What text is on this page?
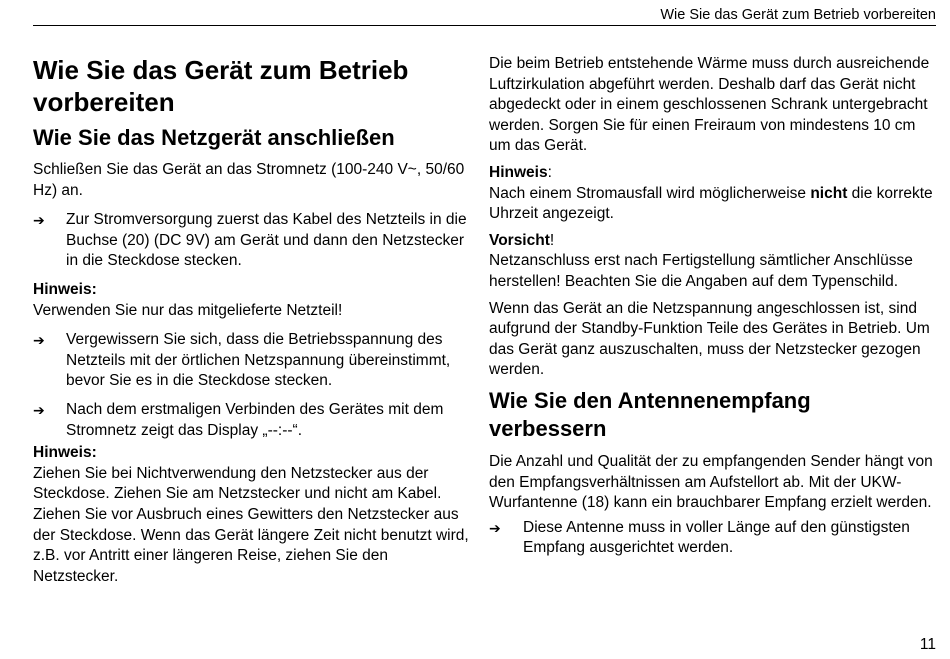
Wie Sie das Gerät zum Betrieb vorbereiten
Wie Sie das Gerät zum Betrieb vorbereiten
Wie Sie das Netzgerät anschließen

Schließen Sie das Gerät an das Stromnetz (100-240 V~, 50/60 Hz) an.

➔	Zur Stromversorgung zuerst das Kabel des Netzteils in die Buchse (20) (DC 9V) am Gerät und dann den Netzstecker in die Steckdose stecken.

Hinweis:

Verwenden Sie nur das mitgelieferte Netzteil!

➔	Vergewissern Sie sich, dass die Betriebsspannung des Netzteils mit der örtlichen Netzspannung übereinstimmt, bevor Sie es in die Steckdose stecken.
➔	Nach dem erstmaligen Verbinden des Gerätes mit dem Stromnetz zeigt das Display „--:--“.

Hinweis:

Ziehen Sie bei Nichtverwendung den Netzstecker aus der Steckdose. Ziehen Sie am Netzstecker und nicht am Kabel. Ziehen Sie vor Ausbruch eines Gewitters den Netzstecker aus der Steckdose. Wenn das Gerät längere Zeit nicht benutzt wird, z.B. vor Antritt einer längeren Reise, ziehen Sie den Netzstecker.

Die beim Betrieb entstehende Wärme muss durch ausreichende Luftzirkulation abgeführt werden. Deshalb darf das Gerät nicht abgedeckt oder in einem geschlossenen Schrank untergebracht werden. Sorgen Sie für einen Freiraum von mindestens 10 cm um das Gerät.

Hinweis:

Nach einem Stromausfall wird möglicherweise nicht die korrekte Uhrzeit angezeigt.

Vorsicht!

Netzanschluss erst nach Fertigstellung sämtlicher Anschlüsse herstellen! Beachten Sie die Angaben auf dem Typenschild.

Wenn das Gerät an die Netzspannung angeschlossen ist, sind aufgrund der Standby-Funktion Teile des Gerätes in Betrieb. Um das Gerät ganz auszuschalten, muss der Netzstecker gezogen werden.

Wie Sie den Antennenempfang verbessern

Die Anzahl und Qualität der zu empfangenden Sender hängt von den Empfangsverhältnissen am Aufstellort ab. Mit der UKW-Wurfantenne (18) kann ein brauchbarer Empfang erzielt werden.

➔	Diese Antenne muss in voller Länge auf den günstigsten Empfang ausgerichtet werden.
11
